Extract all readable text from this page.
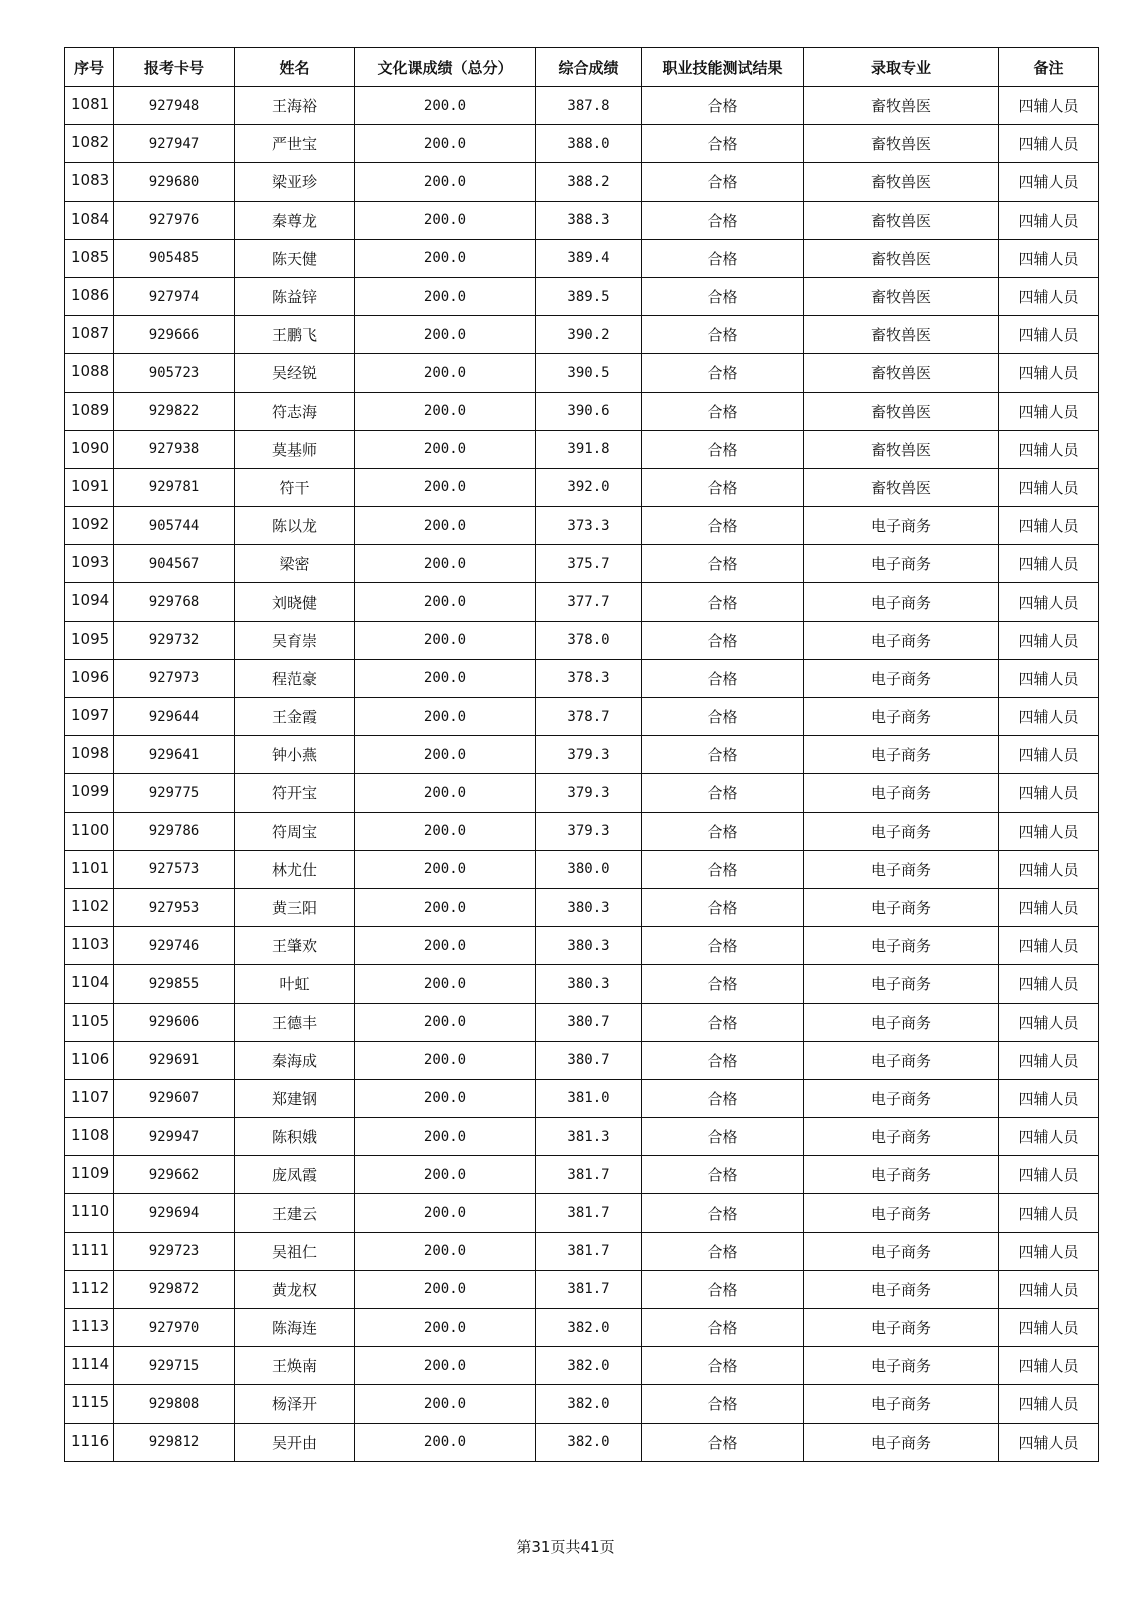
序号	报考卡号	姓名	文化课成绩（总分）	综合成绩	职业技能测试结果	录取专业	备注
1081	927948	王海裕	200.0	387.8	合格	畜牧兽医	四辅人员
1082	927947	严世宝	200.0	388.0	合格	畜牧兽医	四辅人员
1083	929680	梁亚珍	200.0	388.2	合格	畜牧兽医	四辅人员
1084	927976	秦尊龙	200.0	388.3	合格	畜牧兽医	四辅人员
1085	905485	陈天健	200.0	389.4	合格	畜牧兽医	四辅人员
1086	927974	陈益锌	200.0	389.5	合格	畜牧兽医	四辅人员
1087	929666	王鹏飞	200.0	390.2	合格	畜牧兽医	四辅人员
1088	905723	吴经锐	200.0	390.5	合格	畜牧兽医	四辅人员
1089	929822	符志海	200.0	390.6	合格	畜牧兽医	四辅人员
1090	927938	莫基师	200.0	391.8	合格	畜牧兽医	四辅人员
1091	929781	符干	200.0	392.0	合格	畜牧兽医	四辅人员
1092	905744	陈以龙	200.0	373.3	合格	电子商务	四辅人员
1093	904567	梁密	200.0	375.7	合格	电子商务	四辅人员
1094	929768	刘晓健	200.0	377.7	合格	电子商务	四辅人员
1095	929732	吴育崇	200.0	378.0	合格	电子商务	四辅人员
1096	927973	程范豪	200.0	378.3	合格	电子商务	四辅人员
1097	929644	王金霞	200.0	378.7	合格	电子商务	四辅人员
1098	929641	钟小燕	200.0	379.3	合格	电子商务	四辅人员
1099	929775	符开宝	200.0	379.3	合格	电子商务	四辅人员
1100	929786	符周宝	200.0	379.3	合格	电子商务	四辅人员
1101	927573	林尤仕	200.0	380.0	合格	电子商务	四辅人员
1102	927953	黄三阳	200.0	380.3	合格	电子商务	四辅人员
1103	929746	王肇欢	200.0	380.3	合格	电子商务	四辅人员
1104	929855	叶虹	200.0	380.3	合格	电子商务	四辅人员
1105	929606	王德丰	200.0	380.7	合格	电子商务	四辅人员
1106	929691	秦海成	200.0	380.7	合格	电子商务	四辅人员
1107	929607	郑建钢	200.0	381.0	合格	电子商务	四辅人员
1108	929947	陈积娥	200.0	381.3	合格	电子商务	四辅人员
1109	929662	庞凤霞	200.0	381.7	合格	电子商务	四辅人员
1110	929694	王建云	200.0	381.7	合格	电子商务	四辅人员
1111	929723	吴祖仁	200.0	381.7	合格	电子商务	四辅人员
1112	929872	黄龙权	200.0	381.7	合格	电子商务	四辅人员
1113	927970	陈海连	200.0	382.0	合格	电子商务	四辅人员
1114	929715	王焕南	200.0	382.0	合格	电子商务	四辅人员
1115	929808	杨泽开	200.0	382.0	合格	电子商务	四辅人员
1116	929812	吴开由	200.0	382.0	合格	电子商务	四辅人员
第31页共41页
